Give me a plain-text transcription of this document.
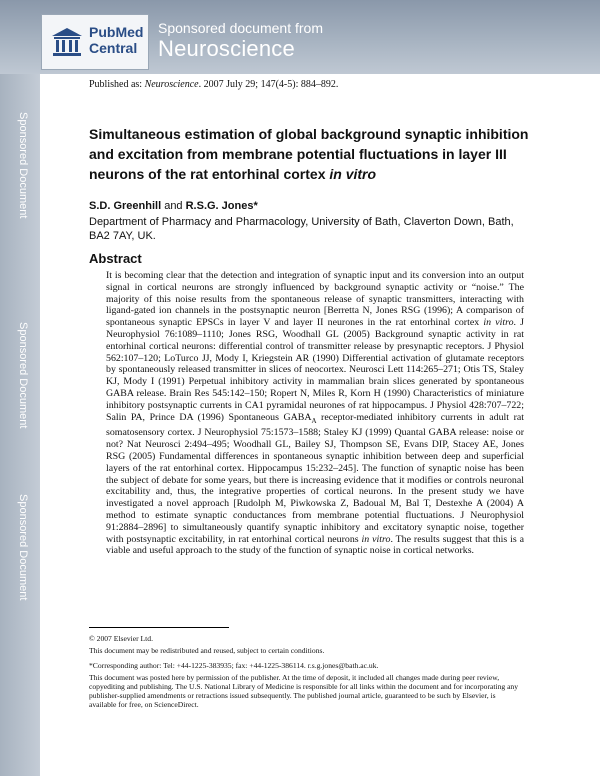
PubMed
Central
Sponsored document from
Neuroscience
Sponsored Document
Sponsored Document
Sponsored Document
Published as: Neuroscience. 2007 July 29; 147(4-5): 884–892.
Simultaneous estimation of global background synaptic inhibition and excitation from membrane potential fluctuations in layer III neurons of the rat entorhinal cortex in vitro
S.D. Greenhill and R.S.G. Jones*
Department of Pharmacy and Pharmacology, University of Bath, Claverton Down, Bath, BA2 7AY, UK.
Abstract
It is becoming clear that the detection and integration of synaptic input and its conversion into an output signal in cortical neurons are strongly influenced by background synaptic activity or “noise.” The majority of this noise results from the spontaneous release of synaptic transmitters, interacting with ligand-gated ion channels in the postsynaptic neuron [Berretta N, Jones RSG (1996); A comparison of spontaneous synaptic EPSCs in layer V and layer II neurones in the rat entorhinal cortex in vitro. J Neurophysiol 76:1089–1110; Jones RSG, Woodhall GL (2005) Background synaptic activity in rat entorhinal cortical neurons: differential control of transmitter release by presynaptic receptors. J Physiol 562:107–120; LoTurco JJ, Mody I, Kriegstein AR (1990) Differential activation of glutamate receptors by spontaneously released transmitter in slices of neocortex. Neurosci Lett 114:265–271; Otis TS, Staley KJ, Mody I (1991) Perpetual inhibitory activity in mammalian brain slices generated by spontaneous GABA release. Brain Res 545:142–150; Ropert N, Miles R, Korn H (1990) Characteristics of miniature inhibitory postsynaptic currents in CA1 pyramidal neurones of rat hippocampus. J Physiol 428:707–722; Salin PA, Prince DA (1996) Spontaneous $GABA_A$ receptor-mediated inhibitory currents in adult rat somatosensory cortex. J Neurophysiol 75:1573–1588; Staley KJ (1999) Quantal GABA release: noise or not? Nat Neurosci 2:494–495; Woodhall GL, Bailey SJ, Thompson SE, Evans DIP, Stacey AE, Jones RSG (2005) Fundamental differences in spontaneous synaptic inhibition between deep and superficial layers of the rat entorhinal cortex. Hippocampus 15:232–245]. The function of synaptic noise has been the subject of debate for some years, but there is increasing evidence that it modifies or controls neuronal excitability and, thus, the integrative properties of cortical neurons. In the present study we have investigated a novel approach [Rudolph M, Piwkowska Z, Badoual M, Bal T, Destexhe A (2004) A method to estimate synaptic conductances from membrane potential fluctuations. J Neurophysiol 91:2884–2896] to simultaneously quantify synaptic inhibitory and excitatory synaptic noise, together with postsynaptic excitability, in rat entorhinal cortical neurons in vitro. The results suggest that this is a viable and useful approach to the study of the function of synaptic noise in cortical networks.
© 2007 Elsevier Ltd.
This document may be redistributed and reused, subject to certain conditions.
*Corresponding author: Tel: +44-1225-383935; fax: +44-1225-386114. r.s.g.jones@bath.ac.uk.
This document was posted here by permission of the publisher. At the time of deposit, it included all changes made during peer review, copyediting and publishing. The U.S. National Library of Medicine is responsible for all links within the document and for incorporating any publisher-supplied amendments or retractions issued subsequently. The published journal article, guaranteed to be such by Elsevier, is available for free, on ScienceDirect.
